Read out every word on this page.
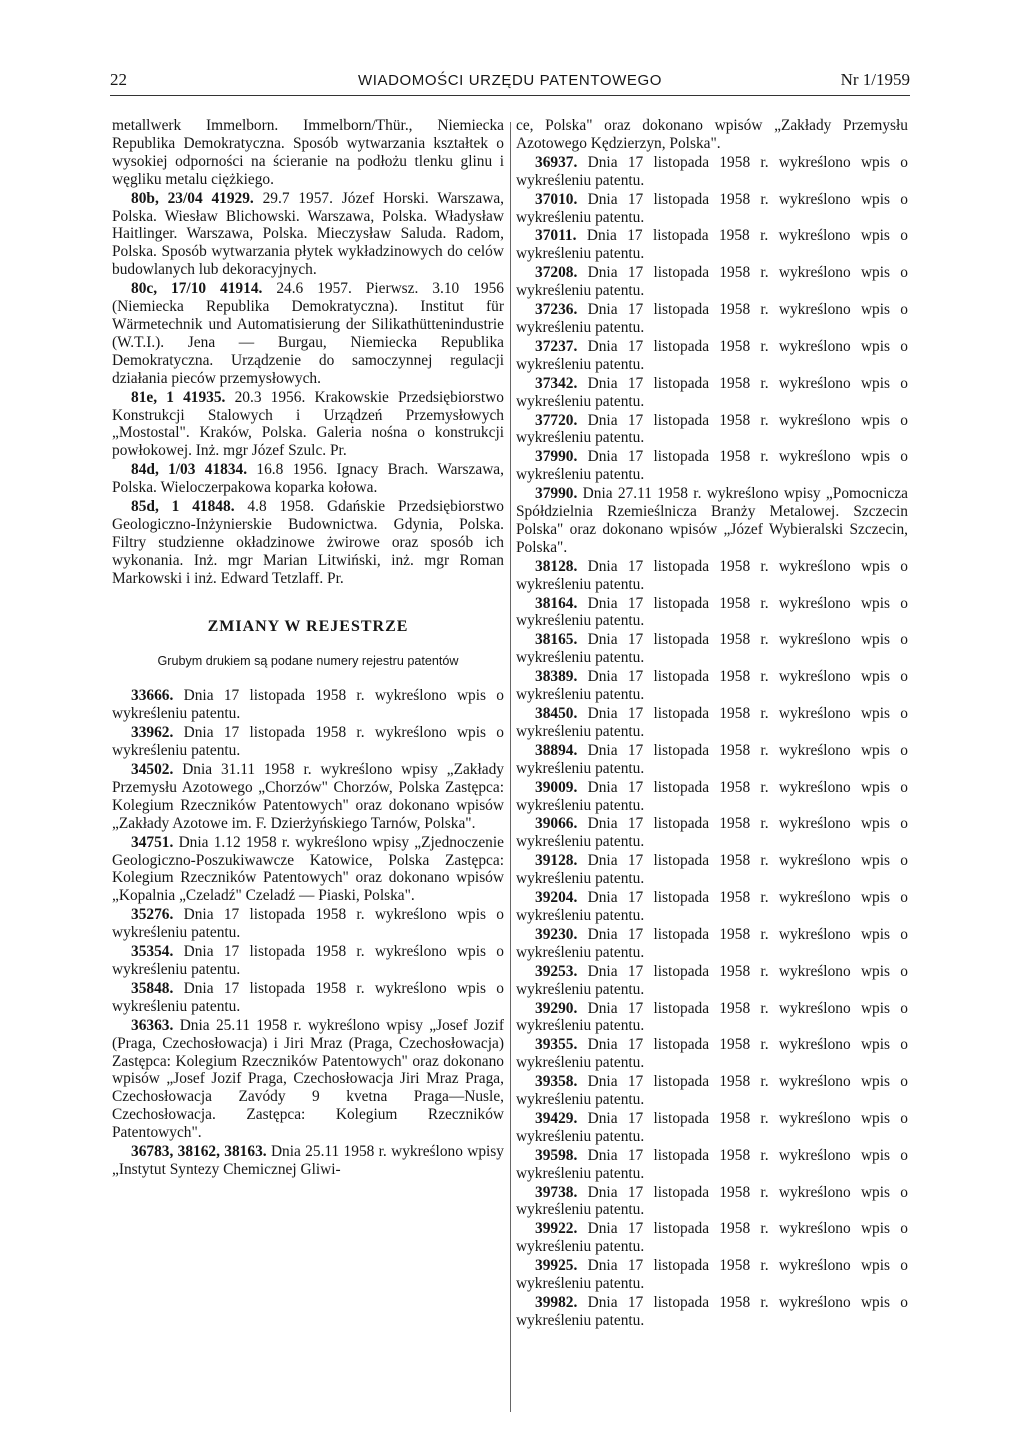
22	WIADOMOŚCI URZĘDU PATENTOWEGO	Nr 1/1959

metallwerk Immelborn. Immelborn/Thür., Niemiecka Republika Demokratyczna. Sposób wytwarzania kształtek o wysokiej odporności na ścieranie na podłożu tlenku glinu i węgliku metalu ciężkiego.

80b, 23/04 41929. 29.7 1957. Józef Horski. Warszawa, Polska. Wiesław Blichowski. Warszawa, Polska. Władysław Haitlinger. Warszawa, Polska. Mieczysław Saluda. Radom, Polska. Sposób wytwarzania płytek wykładzinowych do celów budowlanych lub dekoracyjnych.

80c, 17/10 41914. 24.6 1957. Pierwsz. 3.10 1956 (Niemiecka Republika Demokratyczna). Institut für Wärmetechnik und Automatisierung der Silikathüttenindustrie (W.T.I.). Jena — Burgau, Niemiecka Republika Demokratyczna. Urządzenie do samoczynnej regulacji działania pieców przemysłowych.

81e, 1 41935. 20.3 1956. Krakowskie Przedsiębiorstwo Konstrukcji Stalowych i Urządzeń Przemysłowych „Mostostal". Kraków, Polska. Galeria nośna o konstrukcji powłokowej. Inż. mgr Józef Szulc. Pr.

84d, 1/03 41834. 16.8 1956. Ignacy Brach. Warszawa, Polska. Wieloczerpakowa koparka kołowa.

85d, 1 41848. 4.8 1958. Gdańskie Przedsiębiorstwo Geologiczno-Inżynierskie Budownictwa. Gdynia, Polska. Filtry studzienne okładzinowe żwirowe oraz sposób ich wykonania. Inż. mgr Marian Litwiński, inż. mgr Roman Markowski i inż. Edward Tetzlaff. Pr.

ZMIANY W REJESTRZE
Grubym drukiem są podane numery rejestru patentów

33666. Dnia 17 listopada 1958 r. wykreślono wpis o wykreśleniu patentu.

33962. Dnia 17 listopada 1958 r. wykreślono wpis o wykreśleniu patentu.

34502. Dnia 31.11 1958 r. wykreślono wpisy „Zakłady Przemysłu Azotowego „Chorzów" Chorzów, Polska Zastępca: Kolegium Rzeczników Patentowych" oraz dokonano wpisów „Zakłady Azotowe im. F. Dzierżyńskiego Tarnów, Polska".

34751. Dnia 1.12 1958 r. wykreślono wpisy „Zjednoczenie Geologiczno-Poszukiwawcze Katowice, Polska Zastępca: Kolegium Rzeczników Patentowych" oraz dokonano wpisów „Kopalnia „Czeladź" Czeladź — Piaski, Polska".

35276. Dnia 17 listopada 1958 r. wykreślono wpis o wykreśleniu patentu.

35354. Dnia 17 listopada 1958 r. wykreślono wpis o wykreśleniu patentu.

35848. Dnia 17 listopada 1958 r. wykreślono wpis o wykreśleniu patentu.

36363. Dnia 25.11 1958 r. wykreślono wpisy „Josef Jozif (Praga, Czechosłowacja) i Jiri Mraz (Praga, Czechosłowacja) Zastępca: Kolegium Rzeczników Patentowych" oraz dokonano wpisów „Josef Jozif Praga, Czechosłowacja Jiri Mraz Praga, Czechosłowacja Zavódy 9 kvetna Praga—Nusle, Czechosłowacja. Zastępca: Kolegium Rzeczników Patentowych".

36783, 38162, 38163. Dnia 25.11 1958 r. wykreślono wpisy „Instytut Syntezy Chemicznej Gliwi-

ce, Polska" oraz dokonano wpisów „Zakłady Przemysłu Azotowego Kędzierzyn, Polska".

36937. Dnia 17 listopada 1958 r. wykreślono wpis o wykreśleniu patentu.

37010. Dnia 17 listopada 1958 r. wykreślono wpis o wykreśleniu patentu.

37011. Dnia 17 listopada 1958 r. wykreślono wpis o wykreśleniu patentu.

37208. Dnia 17 listopada 1958 r. wykreślono wpis o wykreśleniu patentu.

37236. Dnia 17 listopada 1958 r. wykreślono wpis o wykreśleniu patentu.

37237. Dnia 17 listopada 1958 r. wykreślono wpis o wykreśleniu patentu.

37342. Dnia 17 listopada 1958 r. wykreślono wpis o wykreśleniu patentu.

37720. Dnia 17 listopada 1958 r. wykreślono wpis o wykreśleniu patentu.

37990. Dnia 17 listopada 1958 r. wykreślono wpis o wykreśleniu patentu.

37990. Dnia 27.11 1958 r. wykreślono wpisy „Pomocnicza Spółdzielnia Rzemieślnicza Branży Metalowej. Szczecin Polska" oraz dokonano wpisów „Józef Wybieralski Szczecin, Polska".

38128. Dnia 17 listopada 1958 r. wykreślono wpis o wykreśleniu patentu.

38164. Dnia 17 listopada 1958 r. wykreślono wpis o wykreśleniu patentu.

38165. Dnia 17 listopada 1958 r. wykreślono wpis o wykreśleniu patentu.

38389. Dnia 17 listopada 1958 r. wykreślono wpis o wykreśleniu patentu.

38450. Dnia 17 listopada 1958 r. wykreślono wpis o wykreśleniu patentu.

38894. Dnia 17 listopada 1958 r. wykreślono wpis o wykreśleniu patentu.

39009. Dnia 17 listopada 1958 r. wykreślono wpis o wykreśleniu patentu.

39066. Dnia 17 listopada 1958 r. wykreślono wpis o wykreśleniu patentu.

39128. Dnia 17 listopada 1958 r. wykreślono wpis o wykreśleniu patentu.

39204. Dnia 17 listopada 1958 r. wykreślono wpis o wykreśleniu patentu.

39230. Dnia 17 listopada 1958 r. wykreślono wpis o wykreśleniu patentu.

39253. Dnia 17 listopada 1958 r. wykreślono wpis o wykreśleniu patentu.

39290. Dnia 17 listopada 1958 r. wykreślono wpis o wykreśleniu patentu.

39355. Dnia 17 listopada 1958 r. wykreślono wpis o wykreśleniu patentu.

39358. Dnia 17 listopada 1958 r. wykreślono wpis o wykreśleniu patentu.

39429. Dnia 17 listopada 1958 r. wykreślono wpis o wykreśleniu patentu.

39598. Dnia 17 listopada 1958 r. wykreślono wpis o wykreśleniu patentu.

39738. Dnia 17 listopada 1958 r. wykreślono wpis o wykreśleniu patentu.

39922. Dnia 17 listopada 1958 r. wykreślono wpis o wykreśleniu patentu.

39925. Dnia 17 listopada 1958 r. wykreślono wpis o wykreśleniu patentu.

39982. Dnia 17 listopada 1958 r. wykreślono wpis o wykreśleniu patentu.
